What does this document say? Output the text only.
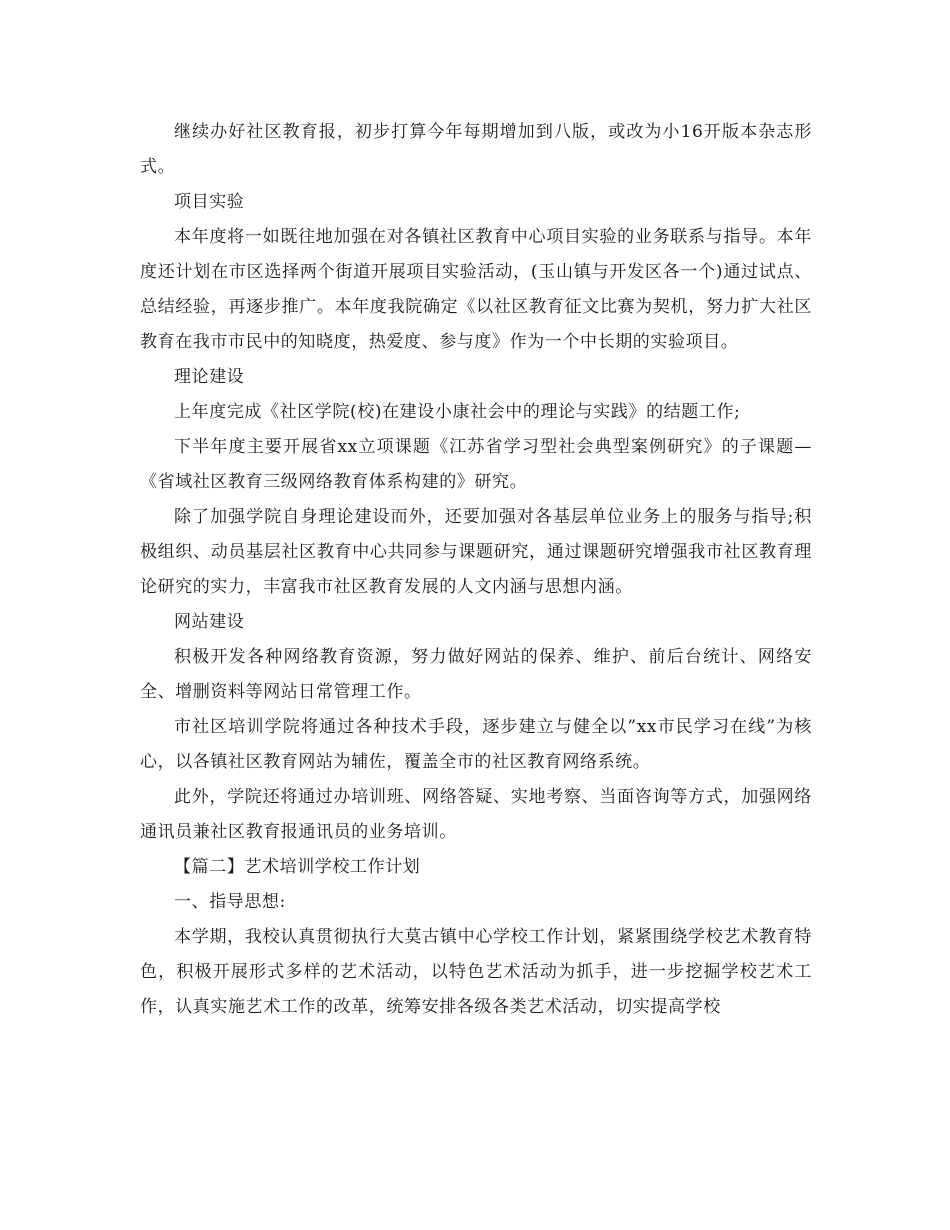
继续办好社区教育报，初步打算今年每期增加到八版，或改为小16开版本杂志形式。

项目实验

本年度将一如既往地加强在对各镇社区教育中心项目实验的业务联系与指导。本年度还计划在市区选择两个街道开展项目实验活动，(玉山镇与开发区各一个)通过试点、总结经验，再逐步推广。本年度我院确定《以社区教育征文比赛为契机，努力扩大社区教育在我市市民中的知晓度，热爱度、参与度》作为一个中长期的实验项目。

理论建设

上年度完成《社区学院(校)在建设小康社会中的理论与实践》的结题工作;

下半年度主要开展省xx立项课题《江苏省学习型社会典型案例研究》的子课题—《省域社区教育三级网络教育体系构建的》研究。

除了加强学院自身理论建设而外，还要加强对各基层单位业务上的服务与指导;积极组织、动员基层社区教育中心共同参与课题研究，通过课题研究增强我市社区教育理论研究的实力，丰富我市社区教育发展的人文内涵与思想内涵。

网站建设

积极开发各种网络教育资源，努力做好网站的保养、维护、前后台统计、网络安全、增删资料等网站日常管理工作。

市社区培训学院将通过各种技术手段，逐步建立与健全以”xx市民学习在线”为核心，以各镇社区教育网站为辅佐，覆盖全市的社区教育网络系统。

此外，学院还将通过办培训班、网络答疑、实地考察、当面咨询等方式，加强网络通讯员兼社区教育报通讯员的业务培训。

【篇二】艺术培训学校工作计划

一、指导思想:

本学期，我校认真贯彻执行大莫古镇中心学校工作计划，紧紧围绕学校艺术教育特色，积极开展形式多样的艺术活动，以特色艺术活动为抓手，进一步挖掘学校艺术工作，认真实施艺术工作的改革，统筹安排各级各类艺术活动，切实提高学校
